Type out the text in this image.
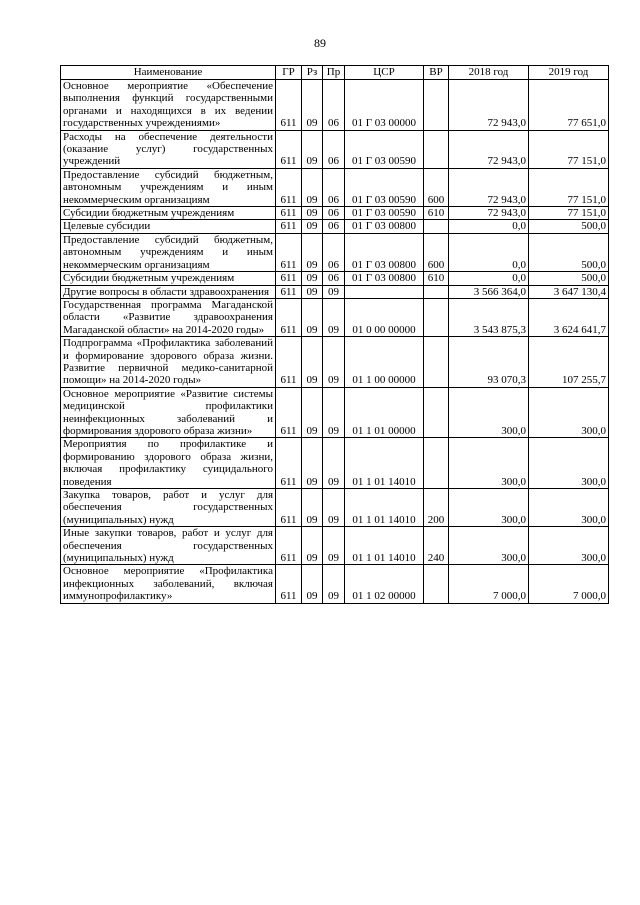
89
Наименование	ГР	Рз	Пр	ЦСР	ВР	2018 год	2019 год
Основное мероприятие «Обеспечение выполнения функций государственными органами и находящихся в их ведении государственных учреждениями»	611	09	06	01 Г 03 00000		72 943,0	77 651,0
Расходы на обеспечение деятельности (оказание услуг) государственных учреждений	611	09	06	01 Г 03 00590		72 943,0	77 151,0
Предоставление субсидий бюджетным, автономным учреждениям и иным некоммерческим организациям	611	09	06	01 Г 03 00590	600	72 943,0	77 151,0
Субсидии бюджетным учреждениям	611	09	06	01 Г 03 00590	610	72 943,0	77 151,0
Целевые субсидии	611	09	06	01 Г 03 00800		0,0	500,0
Предоставление субсидий бюджетным, автономным учреждениям и иным некоммерческим организациям	611	09	06	01 Г 03 00800	600	0,0	500,0
Субсидии бюджетным учреждениям	611	09	06	01 Г 03 00800	610	0,0	500,0
Другие вопросы в области здравоохранения	611	09	09			3 566 364,0	3 647 130,4
Государственная программа Магаданской области «Развитие здравоохранения Магаданской области» на 2014-2020 годы»	611	09	09	01 0 00 00000		3 543 875,3	3 624 641,7
Подпрограмма «Профилактика заболеваний и формирование здорового образа жизни. Развитие первичной медико-санитарной помощи» на 2014-2020 годы»	611	09	09	01 1 00 00000		93 070,3	107 255,7
Основное мероприятие «Развитие системы медицинской профилактики неинфекционных заболеваний и формирования здорового образа жизни»	611	09	09	01 1 01 00000		300,0	300,0
Мероприятия по профилактике и формированию здорового образа жизни, включая профилактику суицидального поведения	611	09	09	01 1 01 14010		300,0	300,0
Закупка товаров, работ и услуг для обеспечения государственных (муниципальных) нужд	611	09	09	01 1 01 14010	200	300,0	300,0
Иные закупки товаров, работ и услуг для обеспечения государственных (муниципальных) нужд	611	09	09	01 1 01 14010	240	300,0	300,0
Основное мероприятие «Профилактика инфекционных заболеваний, включая иммунопрофилактику»	611	09	09	01 1 02 00000		7 000,0	7 000,0
